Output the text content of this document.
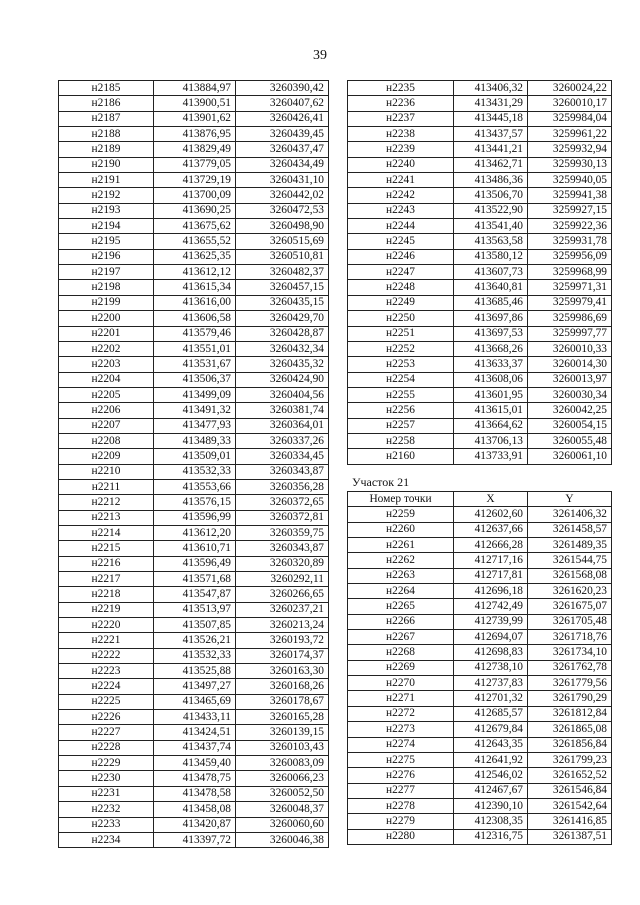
39
н2185	413884,97	3260390,42
н2186	413900,51	3260407,62
н2187	413901,62	3260426,41
н2188	413876,95	3260439,45
н2189	413829,49	3260437,47
н2190	413779,05	3260434,49
н2191	413729,19	3260431,10
н2192	413700,09	3260442,02
н2193	413690,25	3260472,53
н2194	413675,62	3260498,90
н2195	413655,52	3260515,69
н2196	413625,35	3260510,81
н2197	413612,12	3260482,37
н2198	413615,34	3260457,15
н2199	413616,00	3260435,15
н2200	413606,58	3260429,70
н2201	413579,46	3260428,87
н2202	413551,01	3260432,34
н2203	413531,67	3260435,32
н2204	413506,37	3260424,90
н2205	413499,09	3260404,56
н2206	413491,32	3260381,74
н2207	413477,93	3260364,01
н2208	413489,33	3260337,26
н2209	413509,01	3260334,45
н2210	413532,33	3260343,87
н2211	413553,66	3260356,28
н2212	413576,15	3260372,65
н2213	413596,99	3260372,81
н2214	413612,20	3260359,75
н2215	413610,71	3260343,87
н2216	413596,49	3260320,89
н2217	413571,68	3260292,11
н2218	413547,87	3260266,65
н2219	413513,97	3260237,21
н2220	413507,85	3260213,24
н2221	413526,21	3260193,72
н2222	413532,33	3260174,37
н2223	413525,88	3260163,30
н2224	413497,27	3260168,26
н2225	413465,69	3260178,67
н2226	413433,11	3260165,28
н2227	413424,51	3260139,15
н2228	413437,74	3260103,43
н2229	413459,40	3260083,09
н2230	413478,75	3260066,23
н2231	413478,58	3260052,50
н2232	413458,08	3260048,37
н2233	413420,87	3260060,60
н2234	413397,72	3260046,38
н2235	413406,32	3260024,22
н2236	413431,29	3260010,17
н2237	413445,18	3259984,04
н2238	413437,57	3259961,22
н2239	413441,21	3259932,94
н2240	413462,71	3259930,13
н2241	413486,36	3259940,05
н2242	413506,70	3259941,38
н2243	413522,90	3259927,15
н2244	413541,40	3259922,36
н2245	413563,58	3259931,78
н2246	413580,12	3259956,09
н2247	413607,73	3259968,99
н2248	413640,81	3259971,31
н2249	413685,46	3259979,41
н2250	413697,86	3259986,69
н2251	413697,53	3259997,77
н2252	413668,26	3260010,33
н2253	413633,37	3260014,30
н2254	413608,06	3260013,97
н2255	413601,95	3260030,34
н2256	413615,01	3260042,25
н2257	413664,62	3260054,15
н2258	413706,13	3260055,48
н2160	413733,91	3260061,10
Участок 21
Номер точки	X	Y
н2259	412602,60	3261406,32
н2260	412637,66	3261458,57
н2261	412666,28	3261489,35
н2262	412717,16	3261544,75
н2263	412717,81	3261568,08
н2264	412696,18	3261620,23
н2265	412742,49	3261675,07
н2266	412739,99	3261705,48
н2267	412694,07	3261718,76
н2268	412698,83	3261734,10
н2269	412738,10	3261762,78
н2270	412737,83	3261779,56
н2271	412701,32	3261790,29
н2272	412685,57	3261812,84
н2273	412679,84	3261865,08
н2274	412643,35	3261856,84
н2275	412641,92	3261799,23
н2276	412546,02	3261652,52
н2277	412467,67	3261546,84
н2278	412390,10	3261542,64
н2279	412308,35	3261416,85
н2280	412316,75	3261387,51
